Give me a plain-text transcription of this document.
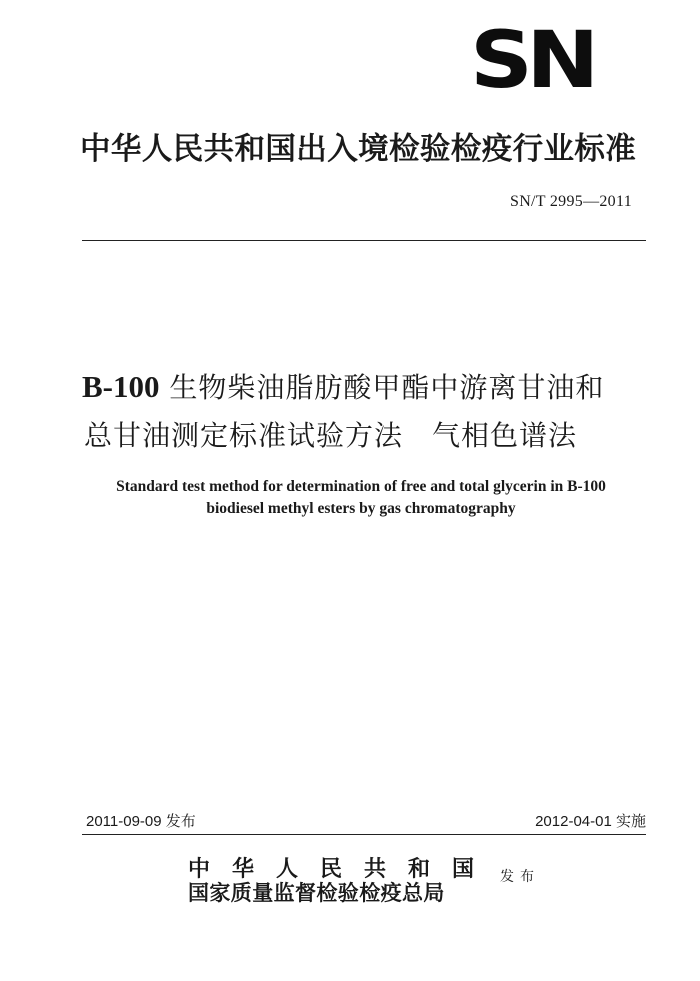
SN
中华人民共和国出入境检验检疫行业标准
SN/T 2995—2011
B-100 生物柴油脂肪酸甲酯中游离甘油和
总甘油测定标准试验方法　气相色谱法
Standard test method for determination of free and total glycerin in B-100
biodiesel methyl esters by gas chromatography
2011-09-09 发布	2012-04-01 实施
中华人民共和国
国家质量监督检验检疫总局
发布
